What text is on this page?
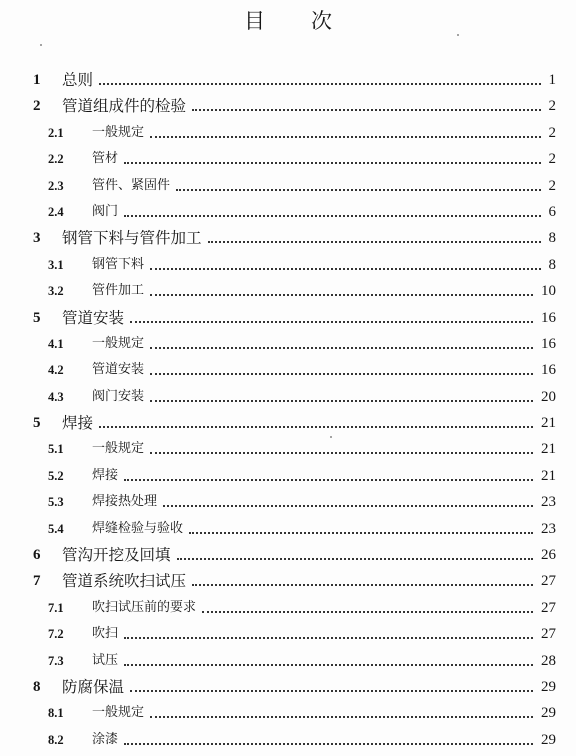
目 次
1 总则	1
2 管道组成件的检验	2
2.1 一般规定	2
2.2 管材	2
2.3 管件、紧固件	2
2.4 阀门	6
3 钢管下料与管件加工	8
3.1 钢管下料	8
3.2 管件加工	10
5 管道安装	16
4.1 一般规定	16
4.2 管道安装	16
4.3 阀门安装	20
5 焊接	21
5.1 一般规定	21
5.2 焊接	21
5.3 焊接热处理	23
5.4 焊缝检验与验收	23
6 管沟开挖及回填	26
7 管道系统吹扫试压	27
7.1 吹扫试压前的要求	27
7.2 吹扫	27
7.3 试压	28
8 防腐保温	29
8.1 一般规定	29
8.2 涂漆	29
